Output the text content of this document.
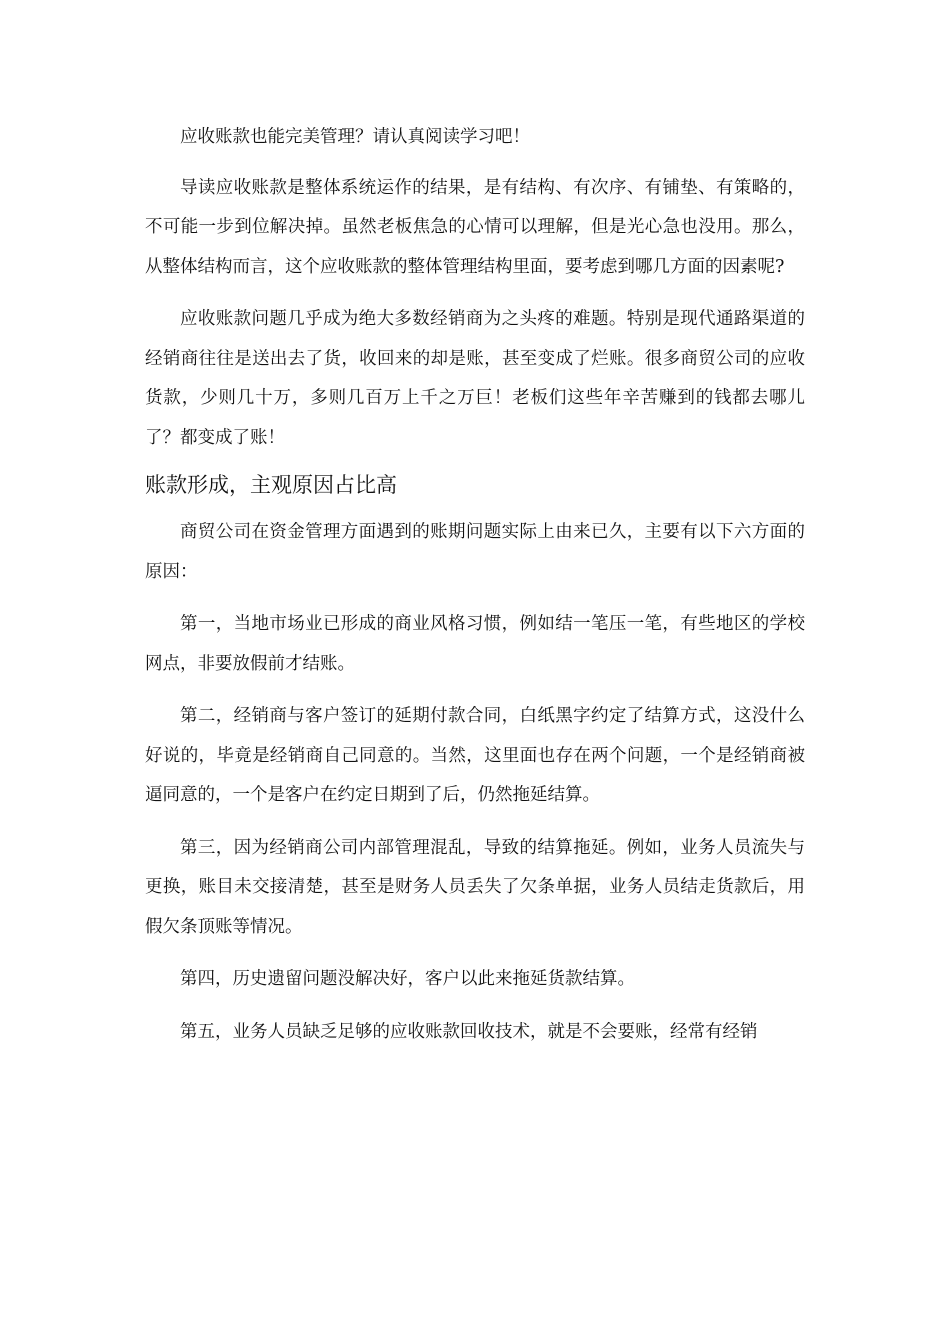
应收账款也能完美管理？请认真阅读学习吧！

导读应收账款是整体系统运作的结果，是有结构、有次序、有铺垫、有策略的，不可能一步到位解决掉。虽然老板焦急的心情可以理解，但是光心急也没用。那么，从整体结构而言，这个应收账款的整体管理结构里面，要考虑到哪几方面的因素呢?

应收账款问题几乎成为绝大多数经销商为之头疼的难题。特别是现代通路渠道的经销商往往是送出去了货，收回来的却是账，甚至变成了烂账。很多商贸公司的应收货款，少则几十万，多则几百万上千之万巨！老板们这些年辛苦赚到的钱都去哪儿了？都变成了账！

账款形成，主观原因占比高

商贸公司在资金管理方面遇到的账期问题实际上由来已久，主要有以下六方面的原因：

第一，当地市场业已形成的商业风格习惯，例如结一笔压一笔，有些地区的学校网点，非要放假前才结账。

第二，经销商与客户签订的延期付款合同，白纸黑字约定了结算方式，这没什么好说的，毕竟是经销商自己同意的。当然，这里面也存在两个问题，一个是经销商被逼同意的，一个是客户在约定日期到了后，仍然拖延结算。

第三，因为经销商公司内部管理混乱，导致的结算拖延。例如，业务人员流失与更换，账目未交接清楚，甚至是财务人员丢失了欠条单据，业务人员结走货款后，用假欠条顶账等情况。

第四，历史遗留问题没解决好，客户以此来拖延货款结算。

第五，业务人员缺乏足够的应收账款回收技术，就是不会要账，经常有经销
